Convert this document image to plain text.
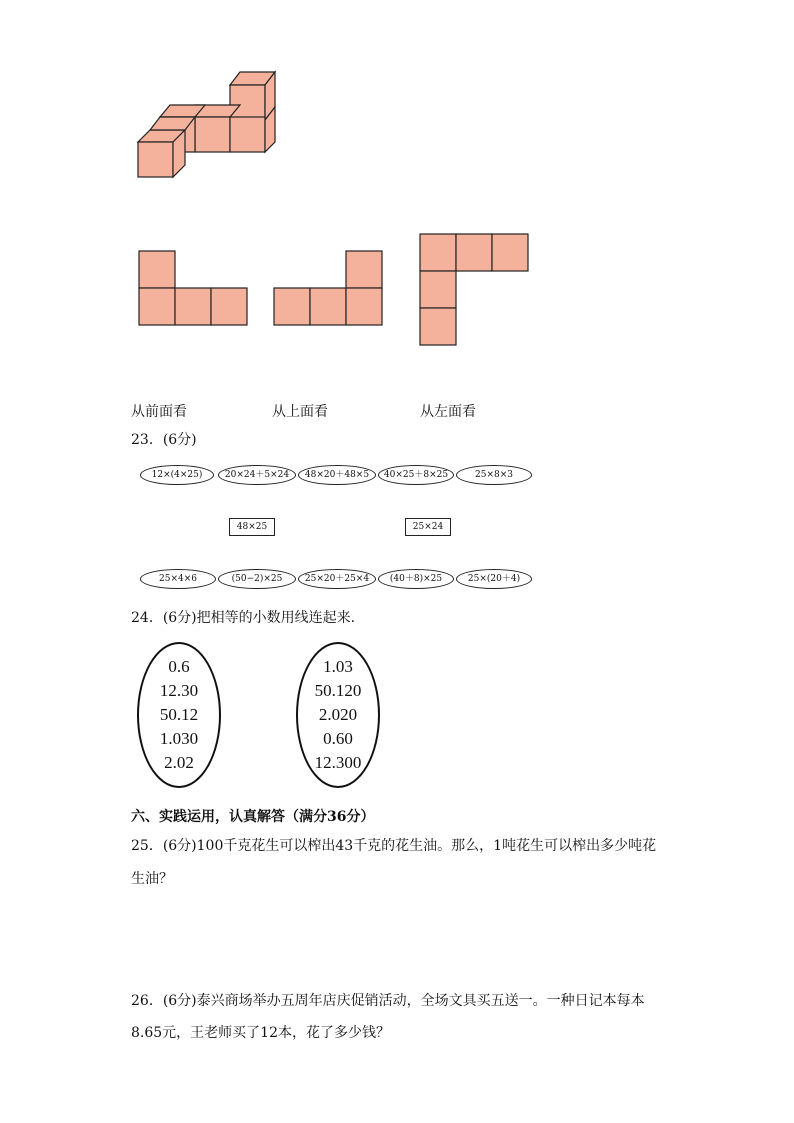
从前面看	从上面看	从左面看
23．(6分)
12×(4×25)	20×24＋5×24	48×20＋48×5	40×25＋8×25	25×8×3
48×25	25×24
25×4×6	(50−2)×25	25×20＋25×4	(40＋8)×25	25×(20＋4)
24．(6分)把相等的小数用线连起来.
0.6
12.30
50.12
1.030
2.02
1.03
50.120
2.020
0.60
12.300
六、实践运用，认真解答（满分36分）
25．(6分)100千克花生可以榨出43千克的花生油。那么，1吨花生可以榨出多少吨花
生油？
26．(6分)泰兴商场举办五周年店庆促销活动，全场文具买五送一。一种日记本每本
8.65元，王老师买了12本，花了多少钱？
